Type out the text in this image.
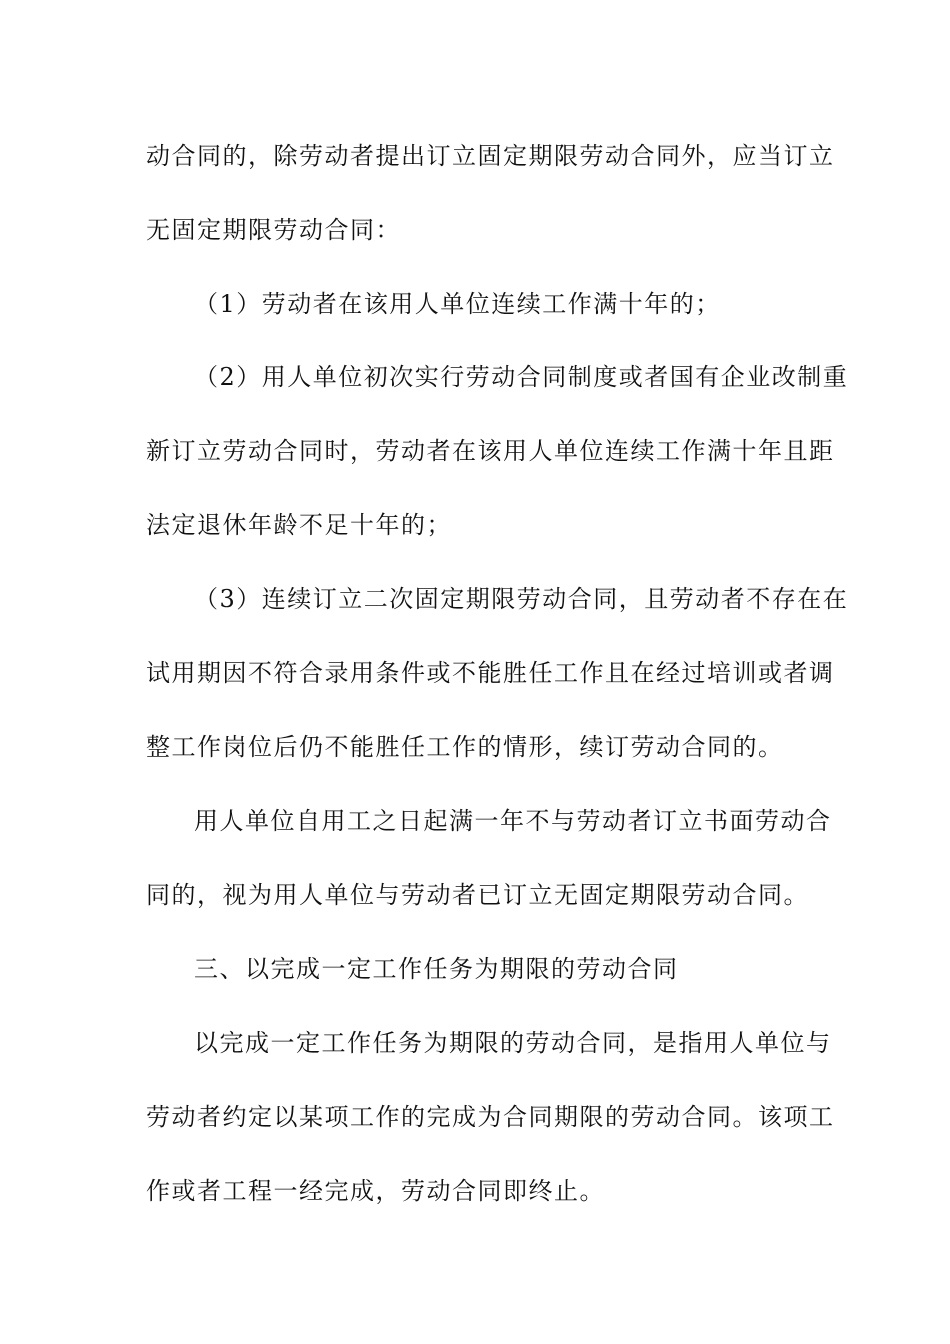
动合同的，除劳动者提出订立固定期限劳动合同外，应当订立
无固定期限劳动合同：
（1）劳动者在该用人单位连续工作满十年的；
（2）用人单位初次实行劳动合同制度或者国有企业改制重
新订立劳动合同时，劳动者在该用人单位连续工作满十年且距
法定退休年龄不足十年的；
（3）连续订立二次固定期限劳动合同，且劳动者不存在在
试用期因不符合录用条件或不能胜任工作且在经过培训或者调
整工作岗位后仍不能胜任工作的情形，续订劳动合同的。
用人单位自用工之日起满一年不与劳动者订立书面劳动合
同的，视为用人单位与劳动者已订立无固定期限劳动合同。
三、以完成一定工作任务为期限的劳动合同
以完成一定工作任务为期限的劳动合同，是指用人单位与
劳动者约定以某项工作的完成为合同期限的劳动合同。该项工
作或者工程一经完成，劳动合同即终止。
